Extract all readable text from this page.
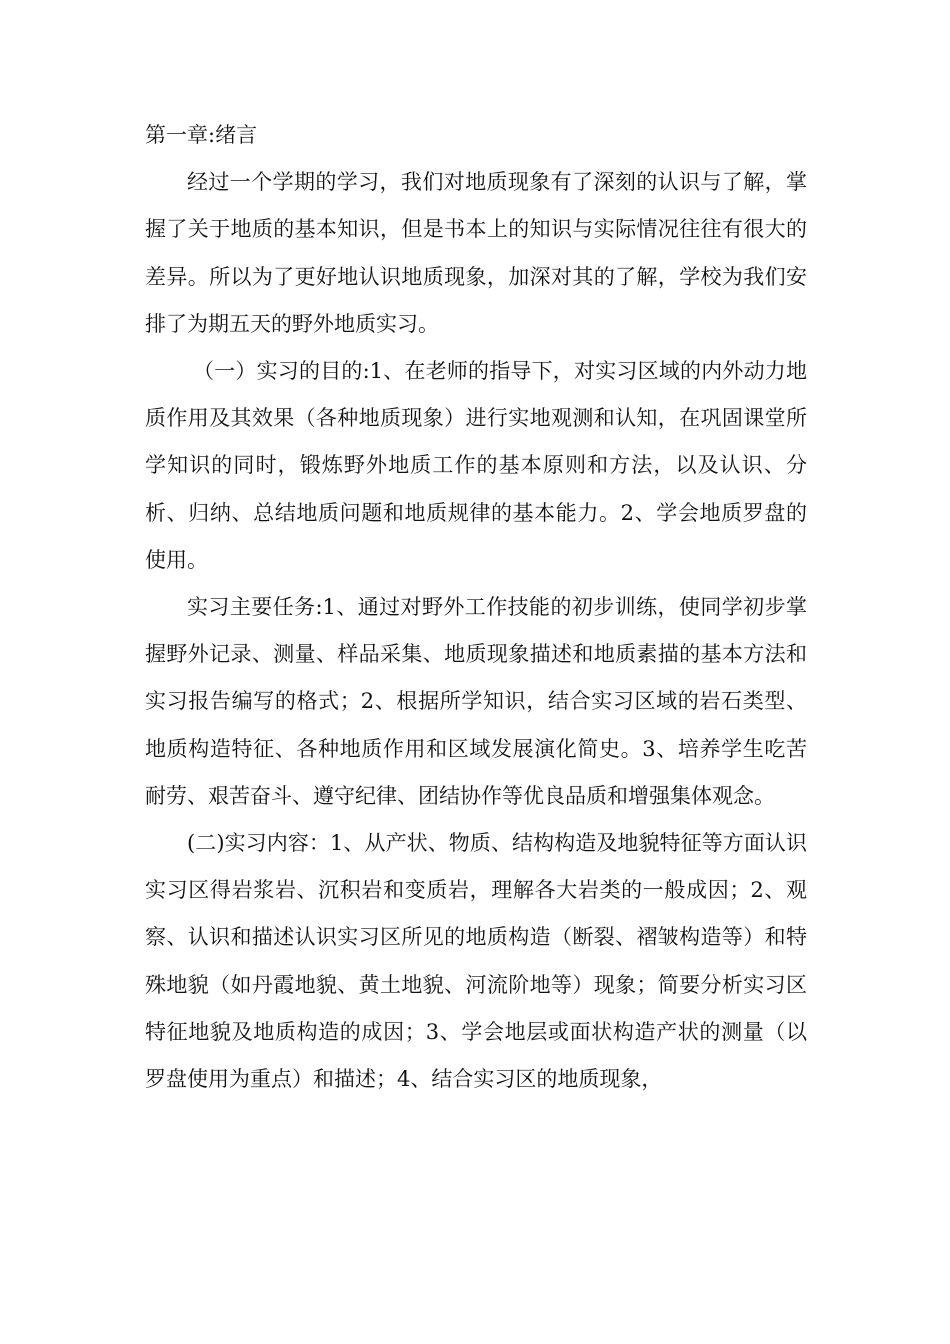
第一章:绪言

经过一个学期的学习，我们对地质现象有了深刻的认识与了解，掌握了关于地质的基本知识，但是书本上的知识与实际情况往往有很大的差异。所以为了更好地认识地质现象，加深对其的了解，学校为我们安排了为期五天的野外地质实习。

（一）实习的目的:1、在老师的指导下，对实习区域的内外动力地质作用及其效果（各种地质现象）进行实地观测和认知，在巩固课堂所学知识的同时，锻炼野外地质工作的基本原则和方法，以及认识、分析、归纳、总结地质问题和地质规律的基本能力。2、学会地质罗盘的使用。

实习主要任务:1、通过对野外工作技能的初步训练，使同学初步掌握野外记录、测量、样品采集、地质现象描述和地质素描的基本方法和实习报告编写的格式；2、根据所学知识，结合实习区域的岩石类型、地质构造特征、各种地质作用和区域发展演化简史。3、培养学生吃苦耐劳、艰苦奋斗、遵守纪律、团结协作等优良品质和增强集体观念。

(二)实习内容：1、从产状、物质、结构构造及地貌特征等方面认识实习区得岩浆岩、沉积岩和变质岩，理解各大岩类的一般成因；2、观察、认识和描述认识实习区所见的地质构造（断裂、褶皱构造等）和特殊地貌（如丹霞地貌、黄土地貌、河流阶地等）现象；简要分析实习区特征地貌及地质构造的成因；3、学会地层或面状构造产状的测量（以罗盘使用为重点）和描述；4、结合实习区的地质现象，
